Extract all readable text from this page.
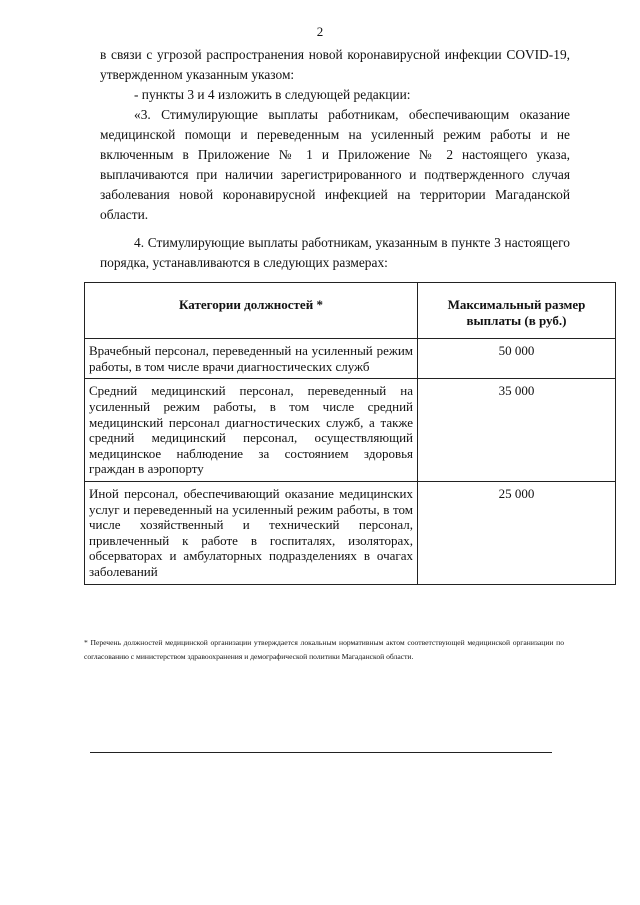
2

в связи с угрозой распространения новой коронавирусной инфекции COVID-19, утвержденном указанным указом:

- пункты 3 и 4 изложить в следующей редакции:

«3. Стимулирующие выплаты работникам, обеспечивающим оказание медицинской помощи и переведенным на усиленный режим работы и не включенным в Приложение № 1 и Приложение № 2 настоящего указа, выплачиваются при наличии зарегистрированного и подтвержденного случая заболевания новой коронавирусной инфекцией на территории Магаданской области.

4. Стимулирующие выплаты работникам, указанным в пункте 3 настоящего порядка, устанавливаются в следующих размерах:

Категории должностей *	Максимальный размер выплаты (в руб.)
Врачебный персонал, переведенный на усиленный режим работы, в том числе врачи диагностических служб	50 000
Средний медицинский персонал, переведенный на усиленный режим работы, в том числе средний медицинский персонал диагностических служб, а также средний медицинский персонал, осуществляющий медицинское наблюдение за состоянием здоровья граждан в аэропорту	35 000
Иной персонал, обеспечивающий оказание медицинских услуг и переведенный на усиленный режим работы, в том числе хозяйственный и технический персонал, привлеченный к работе в госпиталях, изоляторах, обсерваторах и амбулаторных подразделениях в очагах заболеваний	25 000
* Перечень должностей медицинской организации утверждается локальным нормативным актом соответствующей медицинской организации по согласованию с министерством здравоохранения и демографической политики Магаданской области.
